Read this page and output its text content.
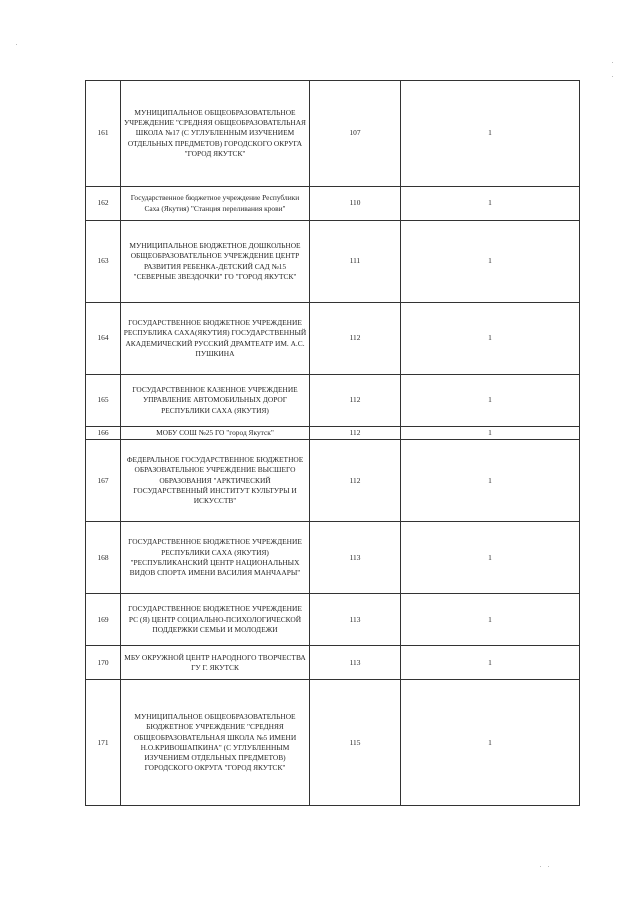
161	МУНИЦИПАЛЬНОЕ ОБЩЕОБРАЗОВАТЕЛЬНОЕ УЧРЕЖДЕНИЕ "СРЕДНЯЯ ОБЩЕОБРАЗОВАТЕЛЬНАЯ ШКОЛА №17 (С УГЛУБЛЕННЫМ ИЗУЧЕНИЕМ ОТДЕЛЬНЫХ ПРЕДМЕТОВ) ГОРОДСКОГО ОКРУГА "ГОРОД ЯКУТСК"	107	1
162	Государственное бюджетное учреждение Республики Саха (Якутия) "Станция переливания крови"	110	1
163	МУНИЦИПАЛЬНОЕ БЮДЖЕТНОЕ ДОШКОЛЬНОЕ ОБЩЕОБРАЗОВАТЕЛЬНОЕ УЧРЕЖДЕНИЕ ЦЕНТР РАЗВИТИЯ РЕБЕНКА-ДЕТСКИЙ САД №15 "СЕВЕРНЫЕ ЗВЕЗДОЧКИ" ГО "ГОРОД ЯКУТСК"	111	1
164	ГОСУДАРСТВЕННОЕ БЮДЖЕТНОЕ УЧРЕЖДЕНИЕ РЕСПУБЛИКА САХА(ЯКУТИЯ) ГОСУДАРСТВЕННЫЙ АКАДЕМИЧЕСКИЙ РУССКИЙ ДРАМТЕАТР ИМ. А.С. ПУШКИНА	112	1
165	ГОСУДАРСТВЕННОЕ КАЗЕННОЕ УЧРЕЖДЕНИЕ УПРАВЛЕНИЕ АВТОМОБИЛЬНЫХ ДОРОГ РЕСПУБЛИКИ САХА (ЯКУТИЯ)	112	1
166	МОБУ СОШ №25 ГО "город Якутск"	112	1
167	ФЕДЕРАЛЬНОЕ ГОСУДАРСТВЕННОЕ БЮДЖЕТНОЕ ОБРАЗОВАТЕЛЬНОЕ УЧРЕЖДЕНИЕ ВЫСШЕГО ОБРАЗОВАНИЯ "АРКТИЧЕСКИЙ ГОСУДАРСТВЕННЫЙ ИНСТИТУТ КУЛЬТУРЫ И ИСКУССТВ"	112	1
168	ГОСУДАРСТВЕННОЕ БЮДЖЕТНОЕ УЧРЕЖДЕНИЕ РЕСПУБЛИКИ САХА (ЯКУТИЯ) "РЕСПУБЛИКАНСКИЙ ЦЕНТР НАЦИОНАЛЬНЫХ ВИДОВ СПОРТА ИМЕНИ ВАСИЛИЯ МАНЧААРЫ"	113	1
169	ГОСУДАРСТВЕННОЕ БЮДЖЕТНОЕ УЧРЕЖДЕНИЕ РС (Я) ЦЕНТР СОЦИАЛЬНО-ПСИХОЛОГИЧЕСКОЙ ПОДДЕРЖКИ СЕМЬИ И МОЛОДЕЖИ	113	1
170	МБУ ОКРУЖНОЙ ЦЕНТР НАРОДНОГО ТВОРЧЕСТВА ГУ Г. ЯКУТСК	113	1
171	МУНИЦИПАЛЬНОЕ ОБЩЕОБРАЗОВАТЕЛЬНОЕ БЮДЖЕТНОЕ УЧРЕЖДЕНИЕ "СРЕДНЯЯ ОБЩЕОБРАЗОВАТЕЛЬНАЯ ШКОЛА №5 ИМЕНИ Н.О.КРИВОШАПКИНА" (С УГЛУБЛЕННЫМ ИЗУЧЕНИЕМ ОТДЕЛЬНЫХ ПРЕДМЕТОВ) ГОРОДСКОГО ОКРУГА "ГОРОД ЯКУТСК"	115	1
